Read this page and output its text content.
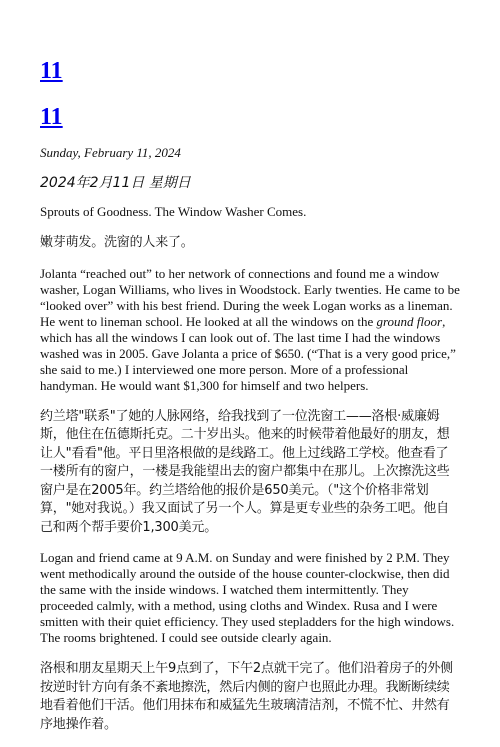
11
11

Sunday, February 11, 2024

2024年2月11日 星期日

Sprouts of Goodness. The Window Washer Comes.

嫩芽萌发。洗窗的人来了。

Jolanta “reached out” to her network of connections and found me a window washer, Logan Williams, who lives in Woodstock. Early twenties. He came to be “looked over” with his best friend. During the week Logan works as a lineman. He went to lineman school. He looked at all the windows on the ground floor, which has all the windows I can look out of. The last time I had the windows washed was in 2005. Gave Jolanta a price of $650. (“That is a very good price,” she said to me.) I interviewed one more person. More of a professional handyman. He would want $1,300 for himself and two helpers.

约兰塔"联系"了她的人脉网络，给我找到了一位洗窗工——洛根·威廉姆斯，他住在伍德斯托克。二十岁出头。他来的时候带着他最好的朋友，想让人"看看"他。平日里洛根做的是线路工。他上过线路工学校。他查看了一楼所有的窗户，一楼是我能望出去的窗户都集中在那儿。上次擦洗这些窗户是在2005年。约兰塔给他的报价是650美元。（"这个价格非常划算，"她对我说。）我又面试了另一个人。算是更专业些的杂务工吧。他自己和两个帮手要价1,300美元。

Logan and friend came at 9 A.M. on Sunday and were finished by 2 P.M. They went methodically around the outside of the house counter-clockwise, then did the same with the inside windows. I watched them intermittently. They proceeded calmly, with a method, using cloths and Windex. Rusa and I were smitten with their quiet efficiency. They used stepladders for the high windows. The rooms brightened. I could see outside clearly again.

洛根和朋友星期天上午9点到了，下午2点就干完了。他们沿着房子的外侧按逆时针方向有条不紊地擦洗，然后内侧的窗户也照此办理。我断断续续地看着他们干活。他们用抹布和威猛先生玻璃清洁剂，不慌不忙、井然有序地操作着。
